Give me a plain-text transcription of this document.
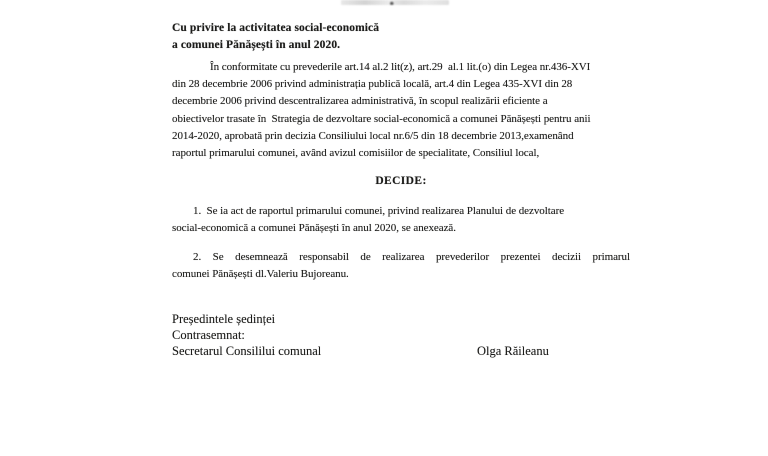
Cu privire la activitatea social-economică
a comunei Pănășești în anul 2020.
În conformitate cu prevederile art.14 al.2 lit(z), art.29  al.1 lit.(o) din Legea nr.436-XVI
din 28 decembrie 2006 privind administrația publică locală, art.4 din Legea 435-XVI din 28
decembrie 2006 privind descentralizarea administrativă, în scopul realizării eficiente a
obiectivelor trasate în  Strategia de dezvoltare social-economică a comunei Pănășești pentru anii
2014-2020, aprobată prin decizia Consiliului local nr.6/5 din 18 decembrie 2013,examenând
raportul primarului comunei, având avizul comisiilor de specialitate, Consiliul local,
DECIDE:
1.  Se ia act de raportul primarului comunei, privind realizarea Planului de dezvoltare
social-economică a comunei Pănășești în anul 2020, se anexează.
2. Se desemnează responsabil de realizarea prevederilor prezentei decizii primarul
comunei Pănășești dl.Valeriu Bujoreanu.
Președintele ședinței
Contrasemnat:
Secretarul Consililui comunal	Olga Răileanu
